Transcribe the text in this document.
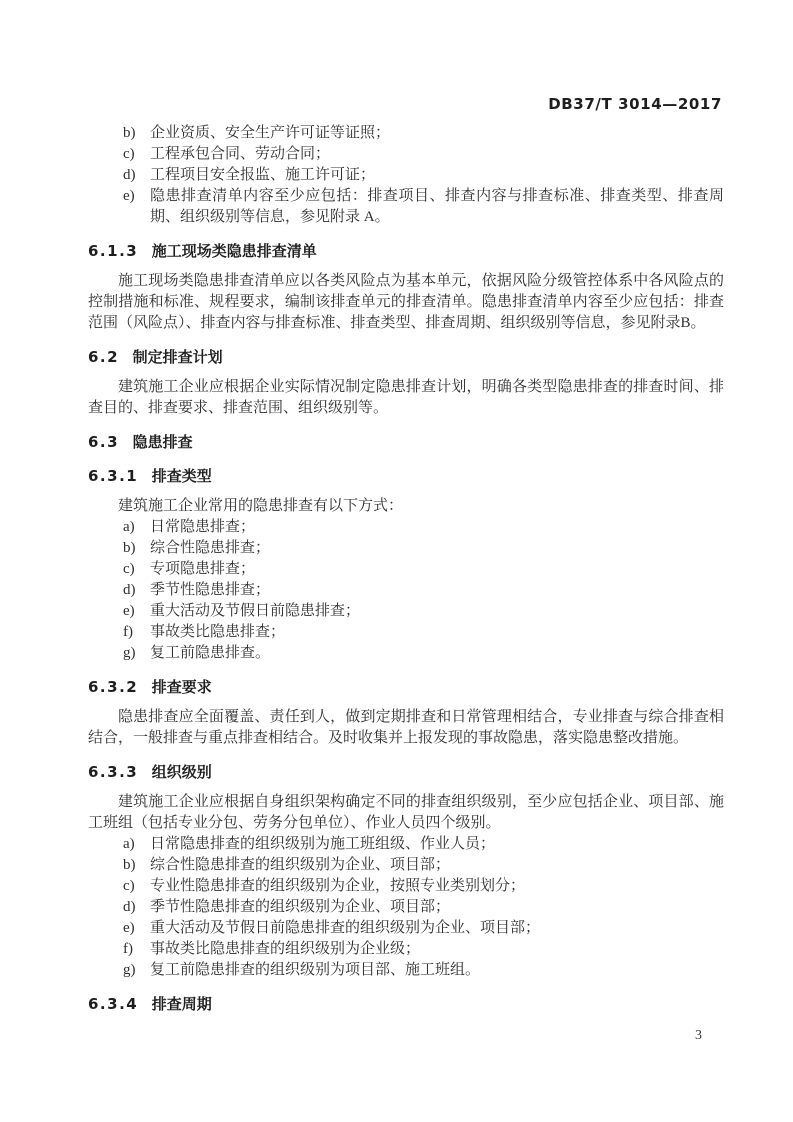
DB37/T 3014—2017
b) 企业资质、安全生产许可证等证照；
c)	工程承包合同、劳动合同；
d) 工程项目安全报监、施工许可证；
e)	隐患排查清单内容至少应包括：排查项目、排查内容与排查标准、排查类型、排查周期、组织级别等信息，参见附录 A。
6.1.3 施工现场类隐患排查清单

施工现场类隐患排查清单应以各类风险点为基本单元，依据风险分级管控体系中各风险点的控制措施和标准、规程要求，编制该排查单元的排查清单。隐患排查清单内容至少应包括：排查范围（风险点）、排查内容与排查标准、排查类型、排查周期、组织级别等信息，参见附录B。

6.2 制定排查计划

建筑施工企业应根据企业实际情况制定隐患排查计划，明确各类型隐患排查的排查时间、排查目的、排查要求、排查范围、组织级别等。

6.3 隐患排查
6.3.1 排查类型

建筑施工企业常用的隐患排查有以下方式：

a)	日常隐患排查；
b) 综合性隐患排查；
c)	专项隐患排查；
d) 季节性隐患排查；
e)	重大活动及节假日前隐患排查；
f)	事故类比隐患排查；
g) 复工前隐患排查。
6.3.2 排查要求

隐患排查应全面覆盖、责任到人，做到定期排查和日常管理相结合，专业排查与综合排查相结合，一般排查与重点排查相结合。及时收集并上报发现的事故隐患，落实隐患整改措施。

6.3.3 组织级别

建筑施工企业应根据自身组织架构确定不同的排查组织级别，至少应包括企业、项目部、施工班组（包括专业分包、劳务分包单位）、作业人员四个级别。

a)	日常隐患排查的组织级别为施工班组级、作业人员；
b) 综合性隐患排查的组织级别为企业、项目部；
c)	专业性隐患排查的组织级别为企业，按照专业类别划分；
d) 季节性隐患排查的组织级别为企业、项目部；
e)	重大活动及节假日前隐患排查的组织级别为企业、项目部；
f)	事故类比隐患排查的组织级别为企业级；
g) 复工前隐患排查的组织级别为项目部、施工班组。
6.3.4 排查周期
3
